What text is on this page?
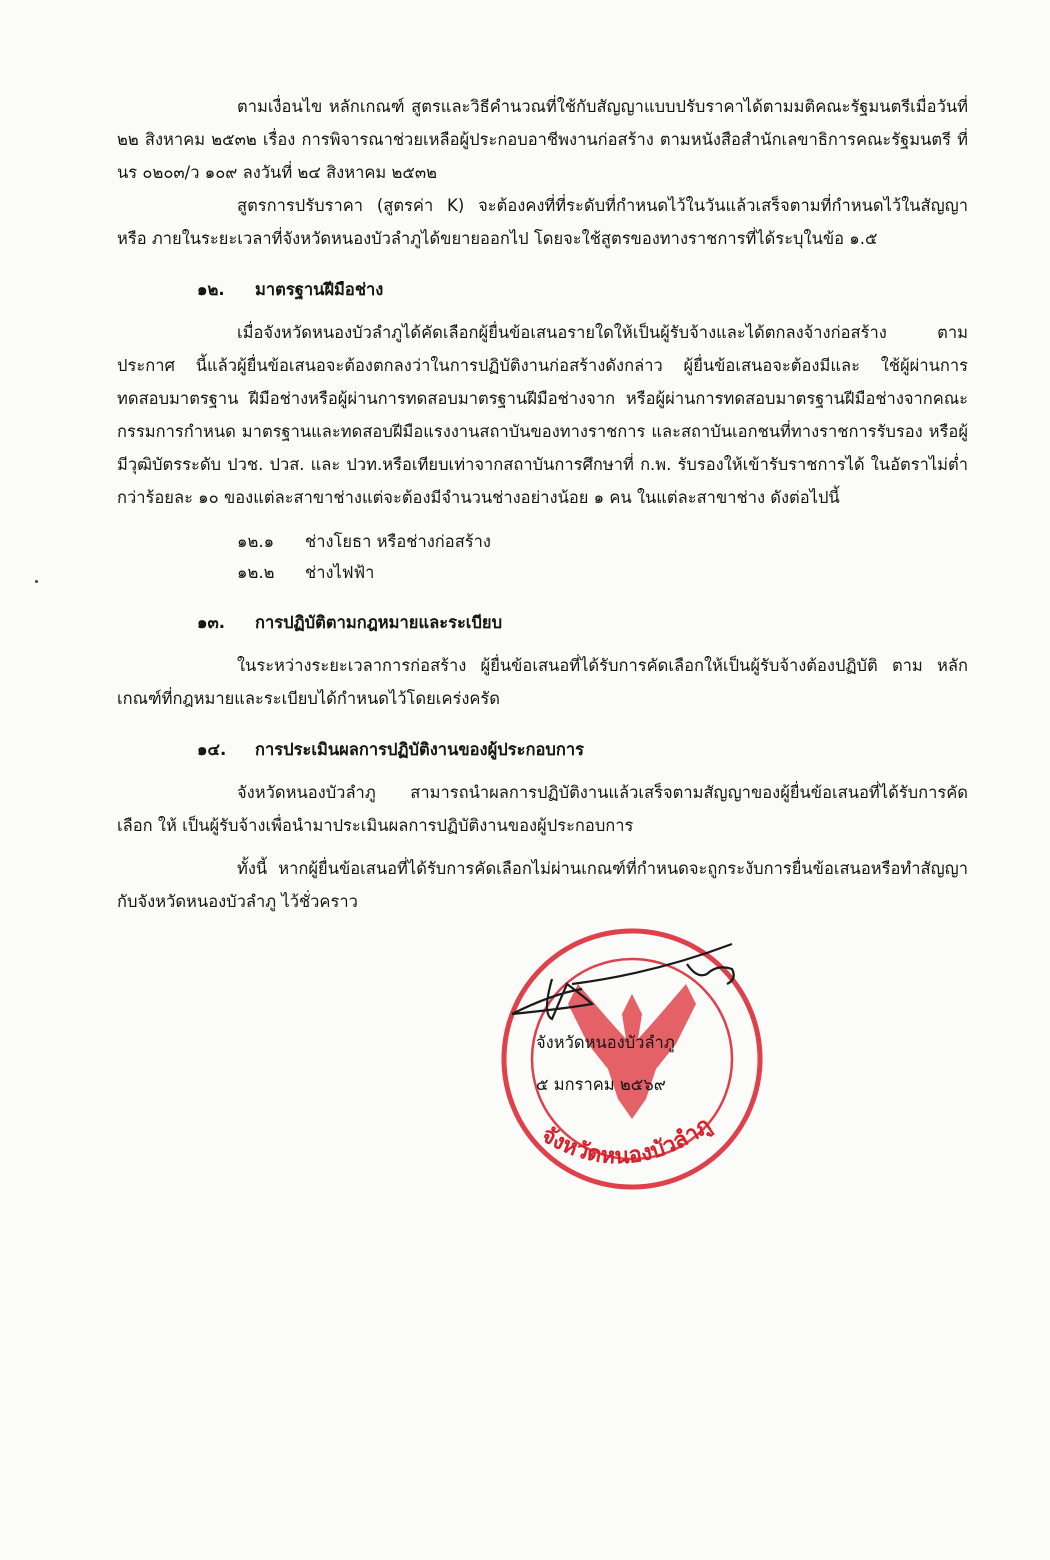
ตามเงื่อนไข หลักเกณฑ์ สูตรและวิธีคำนวณที่ใช้กับสัญญาแบบปรับราคาได้ตามมติคณะรัฐมนตรีเมื่อวันที่ ๒๒ สิงหาคม ๒๕๓๒ เรื่อง การพิจารณาช่วยเหลือผู้ประกอบอาชีพงานก่อสร้าง ตามหนังสือสำนักเลขาธิการคณะรัฐมนตรี ที่ นร ๐๒๐๓/ว ๑๐๙ ลงวันที่ ๒๔ สิงหาคม ๒๕๓๒

สูตรการปรับราคา (สูตรค่า K) จะต้องคงที่ที่ระดับที่กำหนดไว้ในวันแล้วเสร็จตามที่กำหนดไว้ในสัญญา หรือ ภายในระยะเวลาที่จังหวัดหนองบัวลำภูได้ขยายออกไป โดยจะใช้สูตรของทางราชการที่ได้ระบุในข้อ ๑.๕

๑๒. มาตรฐานฝีมือช่าง

เมื่อจังหวัดหนองบัวลำภูได้คัดเลือกผู้ยื่นข้อเสนอรายใดให้เป็นผู้รับจ้างและได้ตกลงจ้างก่อสร้าง ตามประกาศ นี้แล้วผู้ยื่นข้อเสนอจะต้องตกลงว่าในการปฏิบัติงานก่อสร้างดังกล่าว ผู้ยื่นข้อเสนอจะต้องมีและ ใช้ผู้ผ่านการทดสอบมาตรฐาน ฝีมือช่างหรือผู้ผ่านการทดสอบมาตรฐานฝีมือช่างจาก หรือผู้ผ่านการทดสอบมาตรฐานฝีมือช่างจากคณะกรรมการกำหนด มาตรฐานและทดสอบฝีมือแรงงานสถาบันของทางราชการ และสถาบันเอกชนที่ทางราชการรับรอง หรือผู้มีวุฒิบัตรระดับ ปวช. ปวส. และ ปวท.หรือเทียบเท่าจากสถาบันการศึกษาที่ ก.พ. รับรองให้เข้ารับราชการได้ ในอัตราไม่ต่ำกว่าร้อยละ ๑๐ ของแต่ละสาขาช่างแต่จะต้องมีจำนวนช่างอย่างน้อย ๑ คน ในแต่ละสาขาช่าง ดังต่อไปนี้

๑๒.๑ ช่างโยธา หรือช่างก่อสร้าง
๑๒.๒ ช่างไฟฟ้า
๑๓. การปฏิบัติตามกฎหมายและระเบียบ

ในระหว่างระยะเวลาการก่อสร้าง ผู้ยื่นข้อเสนอที่ได้รับการคัดเลือกให้เป็นผู้รับจ้างต้องปฏิบัติ ตาม หลักเกณฑ์ที่กฎหมายและระเบียบได้กำหนดไว้โดยเคร่งครัด

๑๔. การประเมินผลการปฏิบัติงานของผู้ประกอบการ

จังหวัดหนองบัวลำภู สามารถนำผลการปฏิบัติงานแล้วเสร็จตามสัญญาของผู้ยื่นข้อเสนอที่ได้รับการคัดเลือก ให้ เป็นผู้รับจ้างเพื่อนำมาประเมินผลการปฏิบัติงานของผู้ประกอบการ

ทั้งนี้ หากผู้ยื่นข้อเสนอที่ได้รับการคัดเลือกไม่ผ่านเกณฑ์ที่กำหนดจะถูกระงับการยื่นข้อเสนอหรือทำสัญญา กับจังหวัดหนองบัวลำภู ไว้ชั่วคราว

จังหวัดหนองบัวลำภู
จังหวัดหนองบัวลำภู
๕ มกราคม ๒๕๖๙
